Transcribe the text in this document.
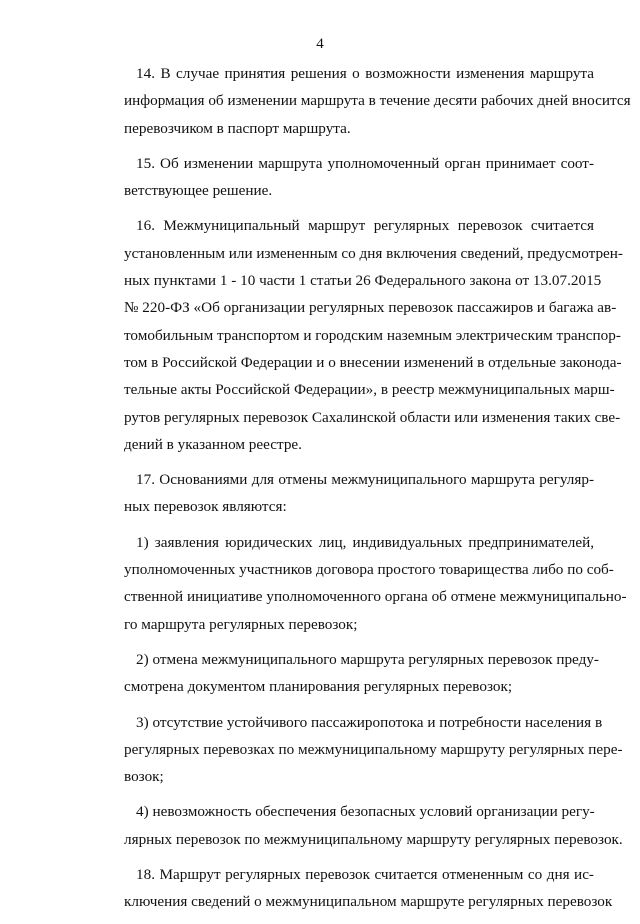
4

14. В случае принятия решения о возможности изменения маршрута
информация об изменении маршрута в течение десяти рабочих дней вносится
перевозчиком в паспорт маршрута.

15. Об изменении маршрута уполномоченный орган принимает соот-
ветствующее решение.

16. Межмуниципальный маршрут регулярных перевозок считается
установленным или измененным со дня включения сведений, предусмотрен-
ных пунктами 1 - 10 части 1 статьи 26 Федерального закона от 13.07.2015
№ 220-ФЗ «Об организации регулярных перевозок пассажиров и багажа ав-
томобильным транспортом и городским наземным электрическим транспор-
том в Российской Федерации и о внесении изменений в отдельные законода-
тельные акты Российской Федерации», в реестр межмуниципальных марш-
рутов регулярных перевозок Сахалинской области или изменения таких све-
дений в указанном реестре.

17. Основаниями для отмены межмуниципального маршрута регуляр-
ных перевозок являются:

1) заявления юридических лиц, индивидуальных предпринимателей,
уполномоченных участников договора простого товарищества либо по соб-
ственной инициативе уполномоченного органа об отмене межмуниципально-
го маршрута регулярных перевозок;

2) отмена межмуниципального маршрута регулярных перевозок преду-
смотрена документом планирования регулярных перевозок;

3) отсутствие устойчивого пассажиропотока и потребности населения в
регулярных перевозках по межмуниципальному маршруту регулярных пере-
возок;

4) невозможность обеспечения безопасных условий организации регу-
лярных перевозок по межмуниципальному маршруту регулярных перевозок.

18. Маршрут регулярных перевозок считается отмененным со дня ис-
ключения сведений о межмуниципальном маршруте регулярных перевозок
